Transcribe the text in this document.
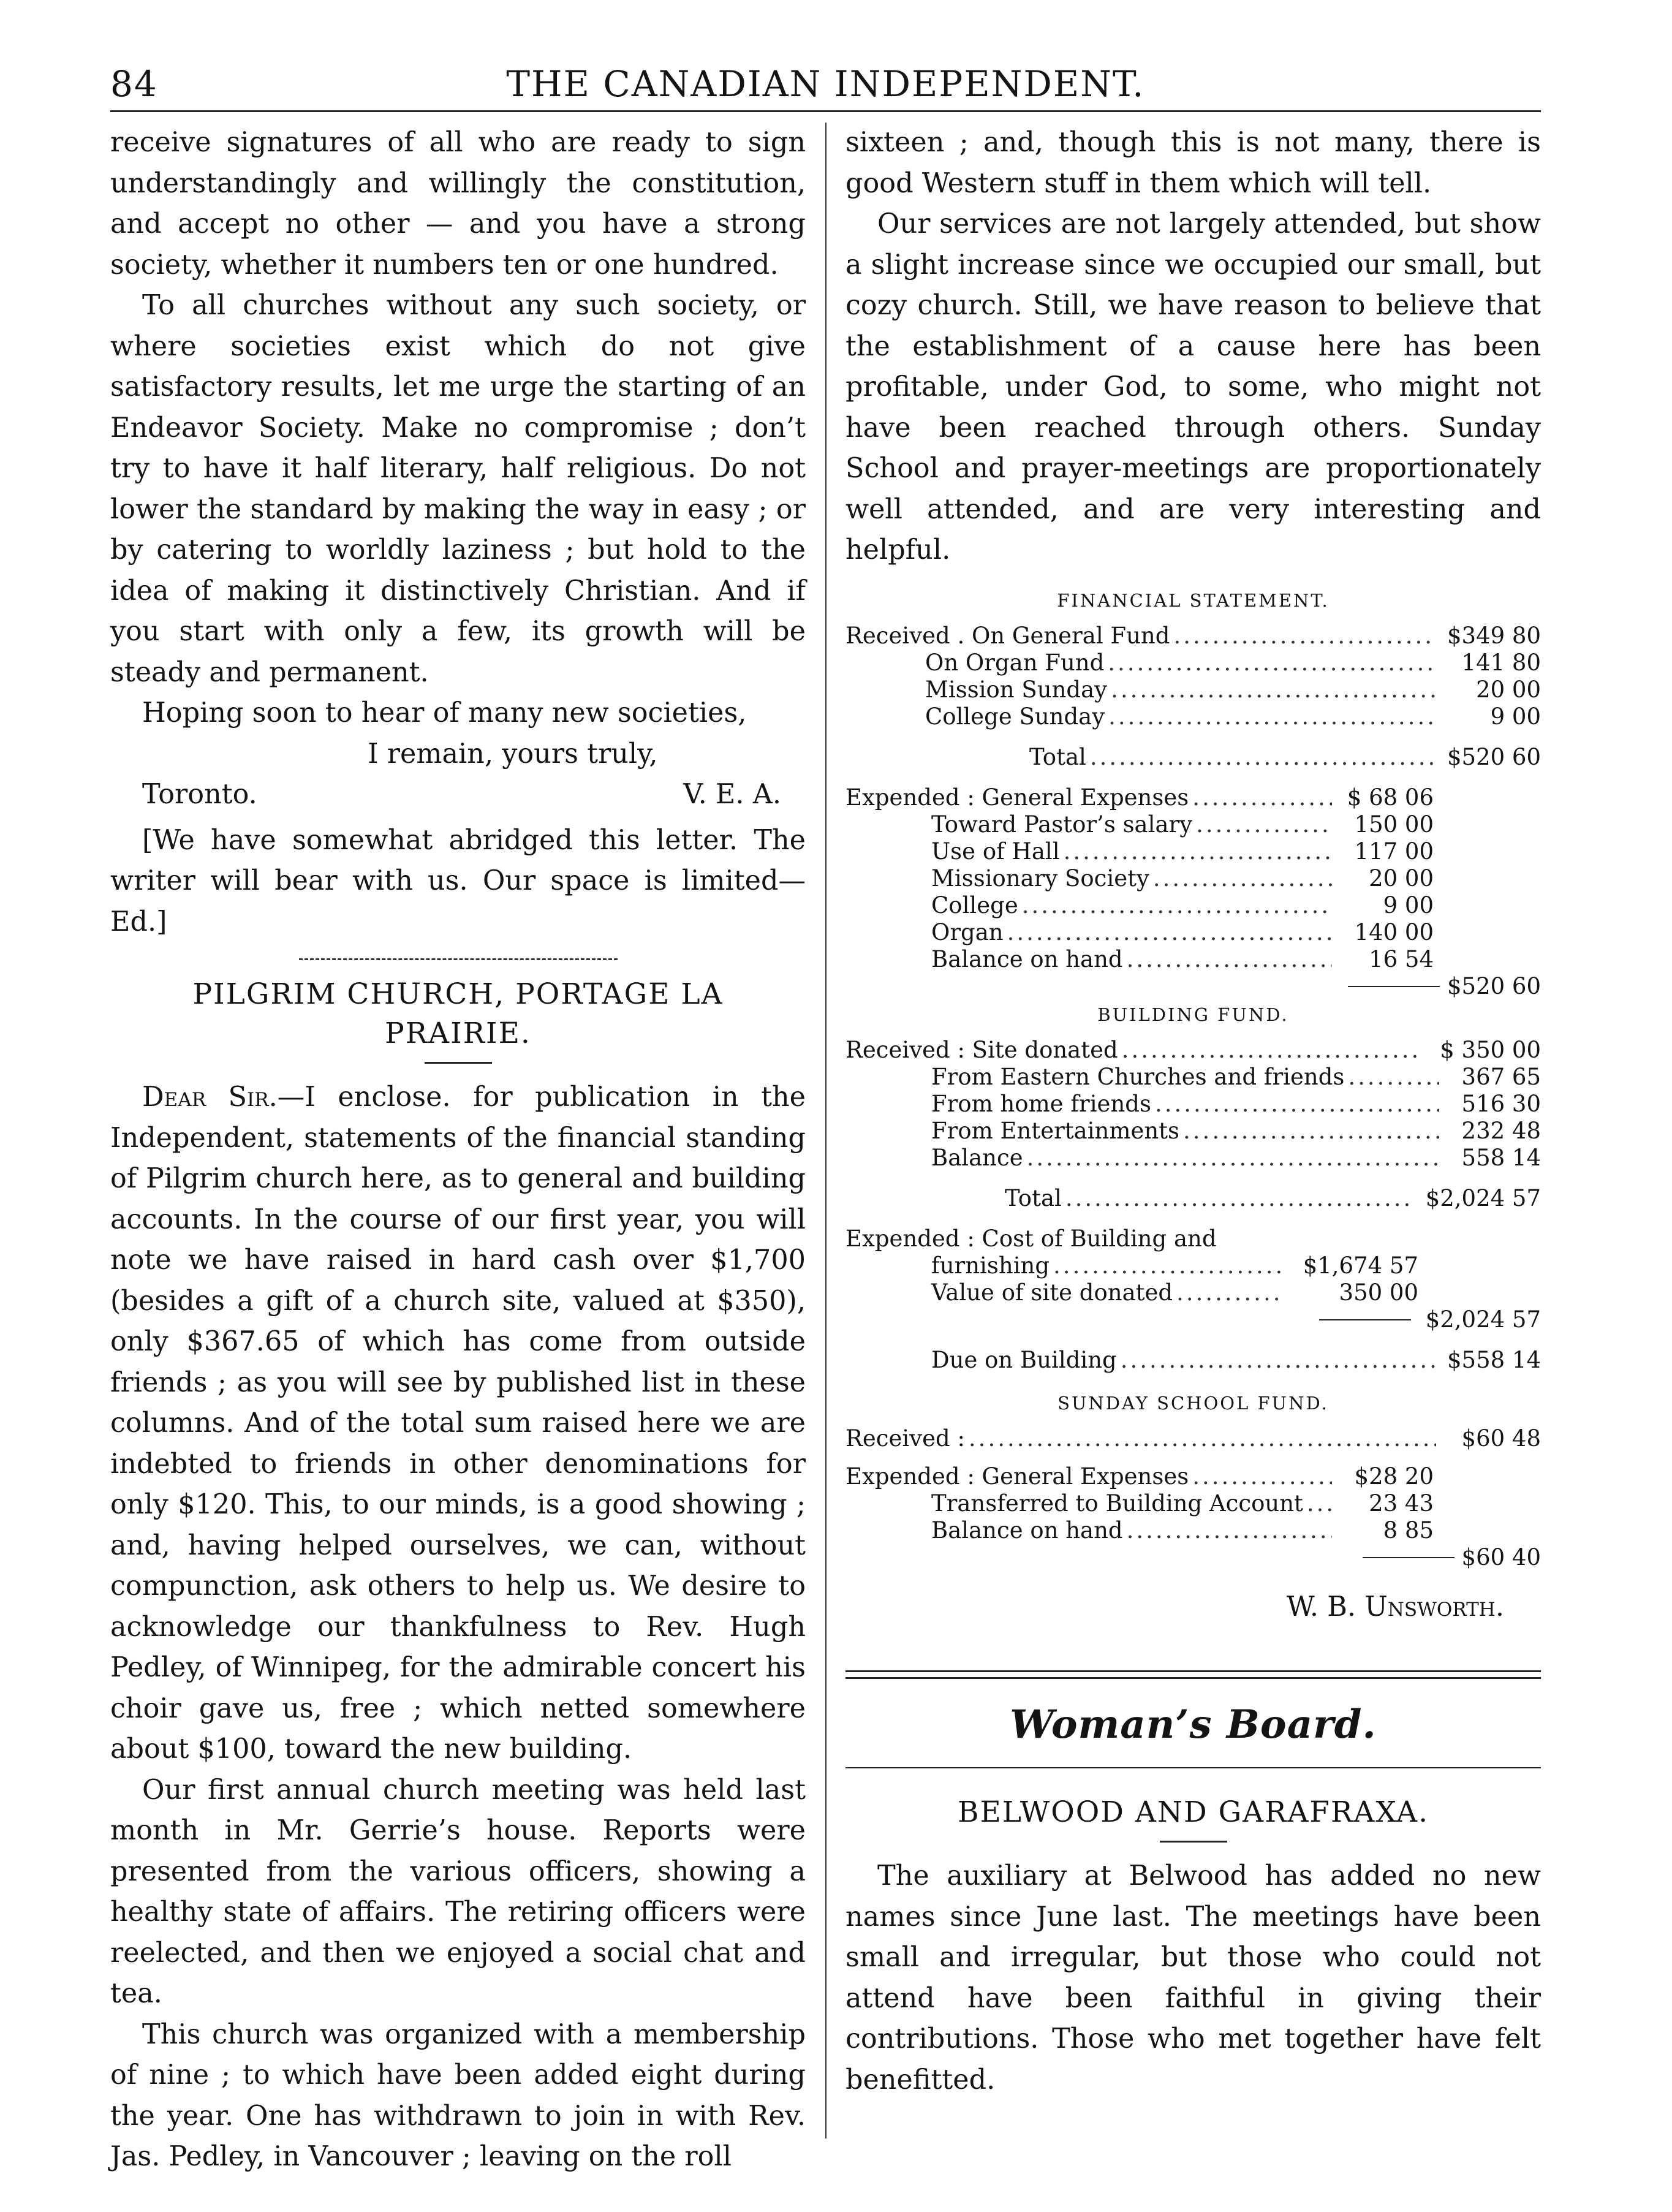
84	THE CANADIAN INDEPENDENT.

receive signatures of all who are ready to sign understandingly and willingly the constitution, and accept no other — and you have a strong society, whether it numbers ten or one hundred.

To all churches without any such society, or where societies exist which do not give satisfactory results, let me urge the starting of an Endeavor Society. Make no compromise ; don’t try to have it half literary, half religious. Do not lower the standard by making the way in easy ; or by catering to worldly laziness ; but hold to the idea of making it distinctively Christian. And if you start with only a few, its growth will be steady and permanent.

Hoping soon to hear of many new societies,

I remain, yours truly,

Toronto.	V. E. A.

[We have somewhat abridged this letter. The writer will bear with us. Our space is limited—Ed.]

PILGRIM CHURCH, PORTAGE LA
PRAIRIE.

Dear Sir.—I enclose. for publication in the Independent, statements of the financial standing of Pilgrim church here, as to general and building accounts. In the course of our first year, you will note we have raised in hard cash over $1,700 (besides a gift of a church site, valued at $350), only $367.65 of which has come from outside friends ; as you will see by published list in these columns. And of the total sum raised here we are indebted to friends in other denominations for only $120. This, to our minds, is a good showing ; and, having helped ourselves, we can, without compunction, ask others to help us. We desire to acknowledge our thankfulness to Rev. Hugh Pedley, of Winnipeg, for the admirable concert his choir gave us, free ; which netted somewhere about $100, toward the new building.

Our first annual church meeting was held last month in Mr. Gerrie’s house. Reports were presented from the various officers, showing a healthy state of affairs. The retiring officers were reelected, and then we enjoyed a social chat and tea.

This church was organized with a membership of nine ; to which have been added eight during the year. One has withdrawn to join in with Rev. Jas. Pedley, in Vancouver ; leaving on the roll

sixteen ; and, though this is not many, there is good Western stuff in them which will tell.

Our services are not largely attended, but show a slight increase since we occupied our small, but cozy church. Still, we have reason to believe that the establishment of a cause here has been profitable, under God, to some, who might not have been reached through others. Sunday School and prayer-meetings are proportionately well attended, and are very interesting and helpful.

FINANCIAL STATEMENT.
Received . On General Fund .....	$349 80
On Organ Fund .....	141 80
Mission Sunday .....	20 00
College Sunday .....	9 00
Total .....	$520 60
Expended : General Expenses .....	$ 68 06
Toward Pastor’s salary .....	150 00
Use of Hall .....	117 00
Missionary Society .....	20 00
College .....	9 00
Organ .....	140 00
Balance on hand .....	16 54
$520 60
BUILDING FUND.
Received : Site donated .....	$ 350 00
From Eastern Churches and friends .....	367 65
From home friends .....	516 30
From Entertainments .....	232 48
Balance .....	558 14
Total .....	$2,024 57
Expended : Cost of Building and
furnishing .....	$1,674 57
Value of site donated .....	350 00
$2,024 57
Due on Building .....	$558 14
SUNDAY SCHOOL FUND.
Received : .....	$60 48
Expended : General Expenses .....	$28 20
Transferred to Building Account .....	23 43
Balance on hand .....	8 85
$60 40
W. B. Unsworth.
Woman’s Board.
BELWOOD AND GARAFRAXA.

The auxiliary at Belwood has added no new names since June last. The meetings have been small and irregular, but those who could not attend have been faithful in giving their contributions. Those who met together have felt benefitted.
